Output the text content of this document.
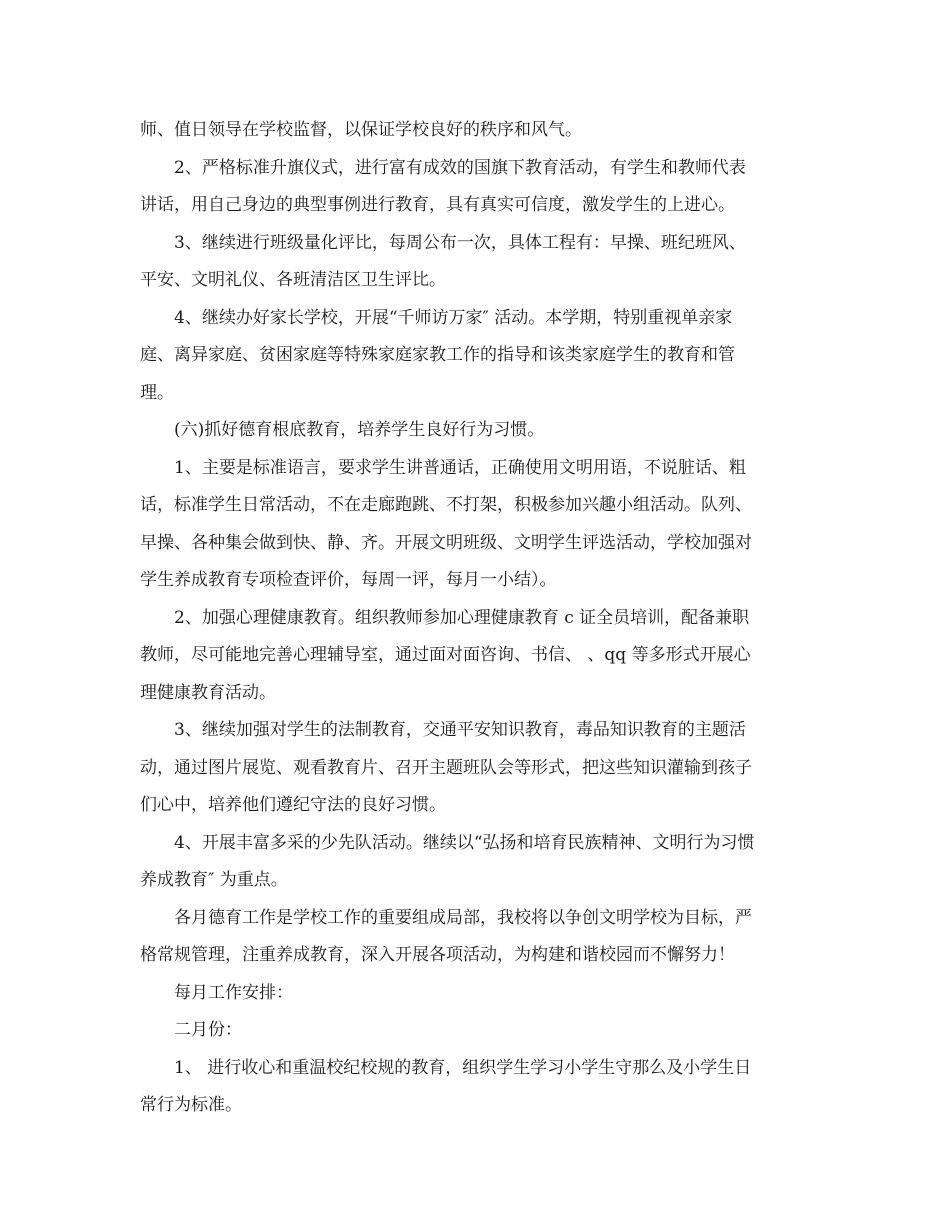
师、值日领导在学校监督，以保证学校良好的秩序和风气。
2、严格标准升旗仪式，进行富有成效的国旗下教育活动，有学生和教师代表
讲话，用自己身边的典型事例进行教育，具有真实可信度，激发学生的上进心。
3、继续进行班级量化评比，每周公布一次，具体工程有：早操、班纪班风、
平安、文明礼仪、各班清洁区卫生评比。
4、继续办好家长学校，开展“千师访万家″ 活动。本学期，特别重视单亲家
庭、离异家庭、贫困家庭等特殊家庭家教工作的指导和该类家庭学生的教育和管
理。
(六)抓好德育根底教育，培养学生良好行为习惯。
1、主要是标准语言，要求学生讲普通话，正确使用文明用语，不说脏话、粗
话，标准学生日常活动，不在走廊跑跳、不打架，积极参加兴趣小组活动。队列、
早操、各种集会做到快、静、齐。开展文明班级、文明学生评选活动，学校加强对
学生养成教育专项检查评价，每周一评，每月一小结）。
2、加强心理健康教育。组织教师参加心理健康教育 c 证全员培训，配备兼职
教师，尽可能地完善心理辅导室，通过面对面咨询、书信、 、qq 等多形式开展心
理健康教育活动。
3、继续加强对学生的法制教育，交通平安知识教育，毒品知识教育的主题活
动，通过图片展览、观看教育片、召开主题班队会等形式，把这些知识灌输到孩子
们心中，培养他们遵纪守法的良好习惯。
4、开展丰富多采的少先队活动。继续以“弘扬和培育民族精神、文明行为习惯
养成教育″ 为重点。
各月德育工作是学校工作的重要组成局部，我校将以争创文明学校为目标，严
格常规管理，注重养成教育，深入开展各项活动，为构建和谐校园而不懈努力！
每月工作安排：
二月份：
1、 进行收心和重温校纪校规的教育，组织学生学习小学生守那么及小学生日
常行为标准。
